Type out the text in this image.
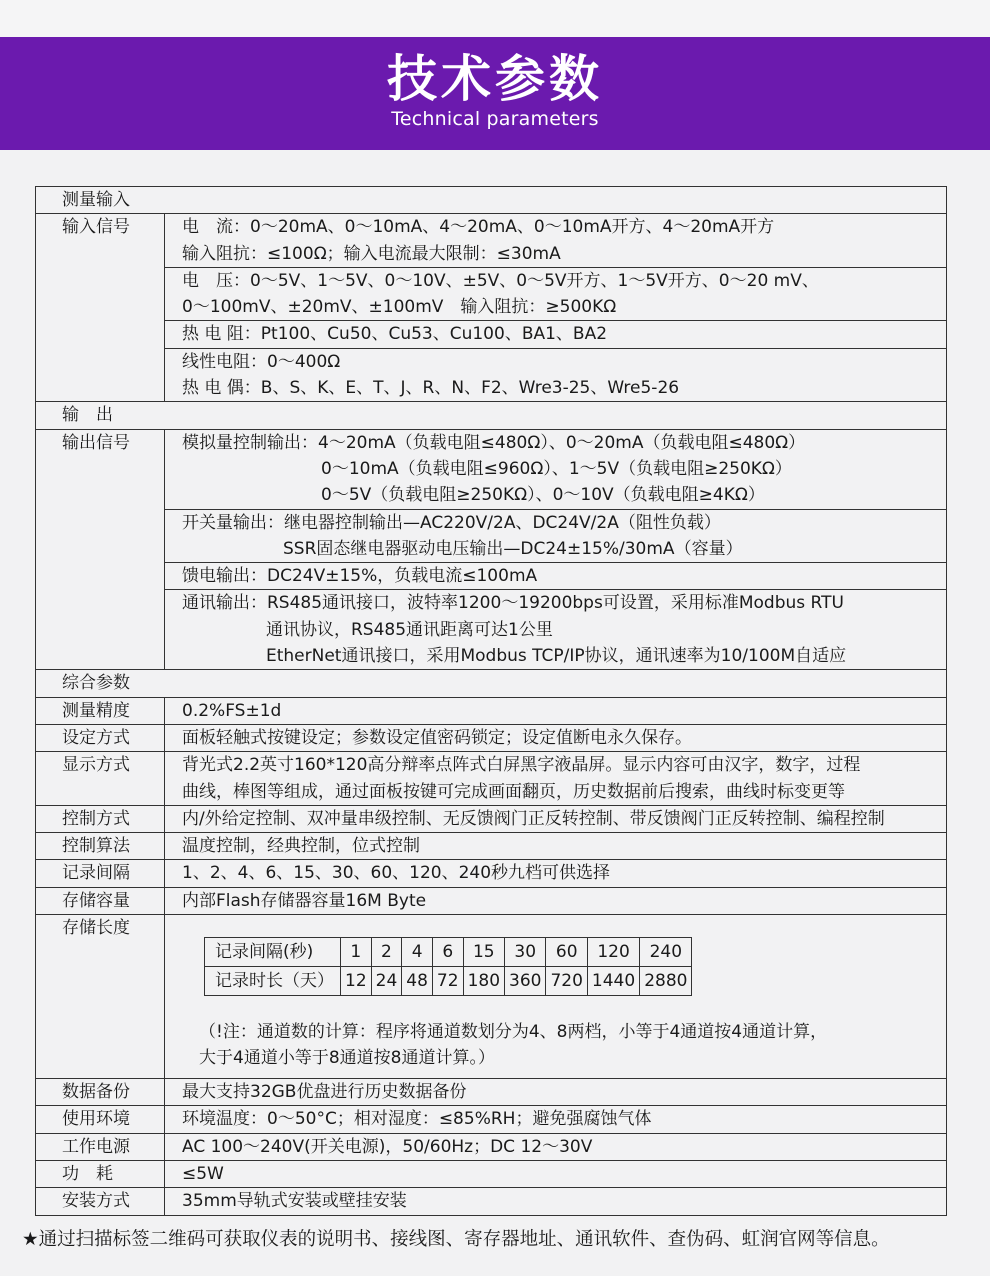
技术参数
Technical parameters
测量输入
输入信号	电　流：0～20mA、0～10mA、4～20mA、0～10mA开方、4～20mA开方
输入阻抗：≤100Ω；输入电流最大限制：≤30mA

电　压：0～5V、1～5V、0～10V、±5V、0～5V开方、1～5V开方、0～20 mV、
0～100mV、±20mV、±100mV　输入阻抗：≥500KΩ

热 电 阻：Pt100、Cu50、Cu53、Cu100、BA1、BA2

线性电阻：0～400Ω
热 电 偶：B、S、K、E、T、J、R、N、F2、Wre3-25、Wre5-26

输　出
输出信号	模拟量控制输出：4～20mA（负载电阻≤480Ω）、0～20mA（负载电阻≤480Ω）
0～10mA（负载电阻≤960Ω）、1～5V（负载电阻≥250KΩ）
0～5V（负载电阻≥250KΩ）、0～10V（负载电阻≥4KΩ）

开关量输出：继电器控制输出—AC220V/2A、DC24V/2A（阻性负载）
SSR固态继电器驱动电压输出—DC24±15%/30mA（容量）

馈电输出：DC24V±15%，负载电流≤100mA

通讯输出：RS485通讯接口，波特率1200～19200bps可设置，采用标准Modbus RTU
通讯协议，RS485通讯距离可达1公里
EtherNet通讯接口，采用Modbus TCP/IP协议，通讯速率为10/100M自适应

综合参数
测量精度	0.2%FS±1d

设定方式	面板轻触式按键设定；参数设定值密码锁定；设定值断电永久保存。

显示方式	背光式2.2英寸160*120高分辩率点阵式白屏黑字液晶屏。显示内容可由汉字，数字，过程
曲线，棒图等组成，通过面板按键可完成画面翻页，历史数据前后搜索，曲线时标变更等

控制方式	内/外给定控制、双冲量串级控制、无反馈阀门正反转控制、带反馈阀门正反转控制、编程控制

控制算法	温度控制，经典控制，位式控制

记录间隔	1、2、4、6、15、30、60、120、240秒九档可供选择

存储容量	内部Flash存储器容量16M Byte

存储长度	
记录间隔(秒)	1	2	4	6	15	30	60	120	240
记录时长（天）	12	24	48	72	180	360	720	1440	2880
（!注：通道数的计算：程序将通道数划分为4、8两档，小等于4通道按4通道计算，
大于4通道小等于8通道按8通道计算。）

数据备份	最大支持32GB优盘进行历史数据备份

使用环境	环境温度：0～50°C；相对湿度：≤85%RH；避免强腐蚀气体

工作电源	AC 100～240V(开关电源)，50/60Hz；DC 12～30V

功　耗	≤5W

安装方式	35mm导轨式安装或壁挂安装
★通过扫描标签二维码可获取仪表的说明书、接线图、寄存器地址、通讯软件、查伪码、虹润官网等信息。
